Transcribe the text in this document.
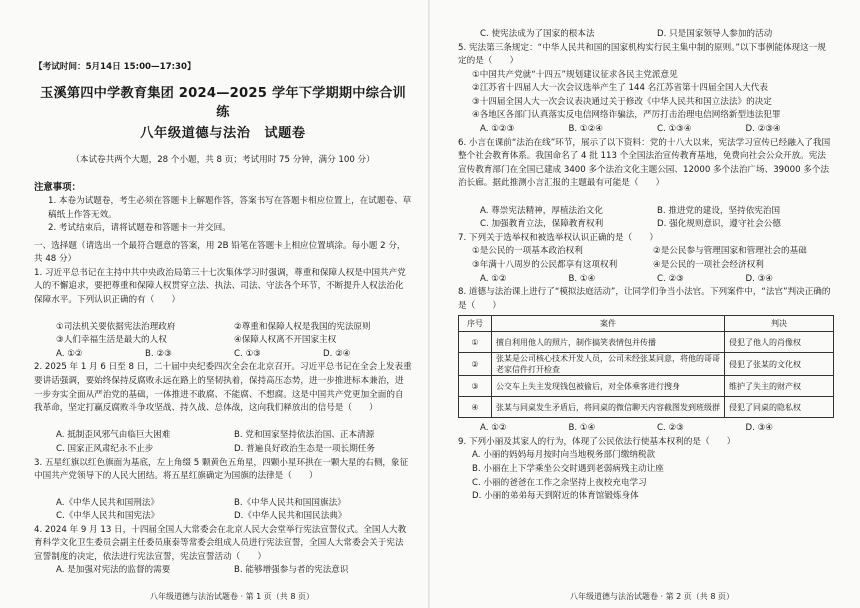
【考试时间：5月14日 15:00—17:30】
玉溪第四中学教育集团 2024—2025 学年下学期期中综合训练
八年级道德与法治　试题卷
（本试卷共两个大题，28 个小题，共 8 页；考试用时 75 分钟，满分 100 分）
注意事项：
1. 本卷为试题卷，考生必须在答题卡上解题作答，答案书写在答题卡相应位置上，在试题卷、草稿纸上作答无效。
2. 考试结束后，请将试题卷和答题卡一并交回。
一、选择题（请选出一个最符合题意的答案，用 2B 铅笔在答题卡上相应位置填涂。每小题 2 分，共 48 分）
1. 习近平总书记在主持中共中央政治局第三十七次集体学习时强调，尊重和保障人权是中国共产党人的不懈追求，要把尊重和保障人权贯穿立法、执法、司法、守法各个环节，不断提升人权法治化保障水平。下列认识正确的有（　　）
①司法机关要依据宪法治理政府	②尊重和保障人权是我国的宪法原则
③人们幸福生活是最大的人权	④保障人权离不开国家主权
A. ①②	B. ②③	C. ①③	D. ②④
2. 2025 年 1 月 6 日至 8 日，二十届中央纪委四次全会在北京召开。习近平总书记在全会上发表重要讲话强调，要始终保持反腐败永远在路上的坚韧执着，保持高压态势，进一步推进标本兼治，进一步夯实全面从严治党的基础，一体推进不敢腐、不能腐、不想腐。这是中国共产党更加全面的自我革命，坚定打赢反腐败斗争攻坚战、持久战、总体战，这向我们释放出的信号是（　　）
A. 抵制歪风邪气由临巨大困难	B. 党和国家坚持依法治国、正本清源
C. 国家正风肃纪永不止步	D. 普遍良好政治生态是一项长期任务
3. 五星红旗以红色旗面为基底，左上角缀 5 颗黄色五角星，四颗小星环拱在一颗大星的右侧，象征中国共产党领导下的人民大团结。将五星红旗确定为国旗的法律是（　　）
A.《中华人民共和国刑法》	B.《中华人民共和国国旗法》
C.《中华人民共和国宪法》	D.《中华人民共和国民法典》
4. 2024 年 9 月 13 日，十四届全国人大常委会在北京人民大会堂举行宪法宣誓仪式。全国人大教育科学文化卫生委员会副主任委员康泰等常委会组成人员进行宪法宣誓，全国人大常委会关于宪法宣誓制度的决定，依法进行宪法宣誓，宪法宣誓活动（　　）
A. 是加强对宪法的监督的需要	B. 能够增强参与者的宪法意识
八年级道德与法治试题卷 · 第 1 页（共 8 页）
C. 使宪法成为了国家的根本法	D. 只是国家领导人参加的活动
5. 宪法第三条规定：“中华人民共和国的国家机构实行民主集中制的原则。”以下事例能体现这一规定的是（　　）
①中国共产党就“十四五”规划建议征求各民主党派意见
②江苏省十四届人大一次会议选举产生了 144 名江苏省第十四届全国人大代表
③十四届全国人大一次会议表决通过关于修改《中华人民共和国立法法》的决定
④各地区各部门认真落实反电信网络诈骗法，严厉打击治理电信网络新型违法犯罪
A. ①②③	B. ①②④	C. ①③④	D. ②③④
6. 小言在课前“法治在线”环节，展示了以下资料：党的十八大以来，宪法学习宣传已经融入了我国整个社会教育体系。我国命名了 4 批 113 个全国法治宣传教育基地，免费向社会公众开放。宪法宣传教育部门在全国已建成 3400 多个法治文化主题公园、12000 多个法治广场、39000 多个法治长廊。据此推测小言汇报的主题最有可能是（　　）
A. 尊崇宪法精神，厚植法治文化	B. 推进党的建设，坚持依宪治国
C. 加强教育立法，保障教育权利	D. 强化规则意识，遵守社会公德
7. 下列关于选举权和被选举权认识正确的是（　　）
①是公民的一项基本政治权利	②是公民参与管理国家和管理社会的基础
③年满十八周岁的公民都享有这项权利	④是公民的一项社会经济权利
A. ①②	B. ①④	C. ②③	D. ③④
8. 道德与法治课上进行了“模拟法庭活动”，让同学们争当小法官。下列案件中，“法官”判决正确的是（　　）
序号	案件	判决
①	擅自利用他人的照片，制作搞笑表情包并传播	侵犯了他人的肖像权
②	张某是公司核心技术开发人员，公司未经张某同意，将他的哥哥老家信件打开检查	侵犯了张某的文化权
③	公交车上失主发现钱包被偷后，对全体乘客进行搜身	维护了失主的财产权
④	张某与同桌发生矛盾后，将同桌的微信聊天内容截图发到班级群	侵犯了同桌的隐私权
A. ①②	B. ①④	C. ②③	D. ③④
9. 下列小丽及其家人的行为，体现了公民依法行使基本权利的是（　　）
A. 小丽的妈妈每月按时向当地税务部门缴纳税款
B. 小丽在上下学乘坐公交时遇到老弱病残主动让座
C. 小丽的爸爸在工作之余坚持上夜校充电学习
D. 小丽的弟弟每天到附近的体育馆锻炼身体
八年级道德与法治试题卷 · 第 2 页（共 8 页）
